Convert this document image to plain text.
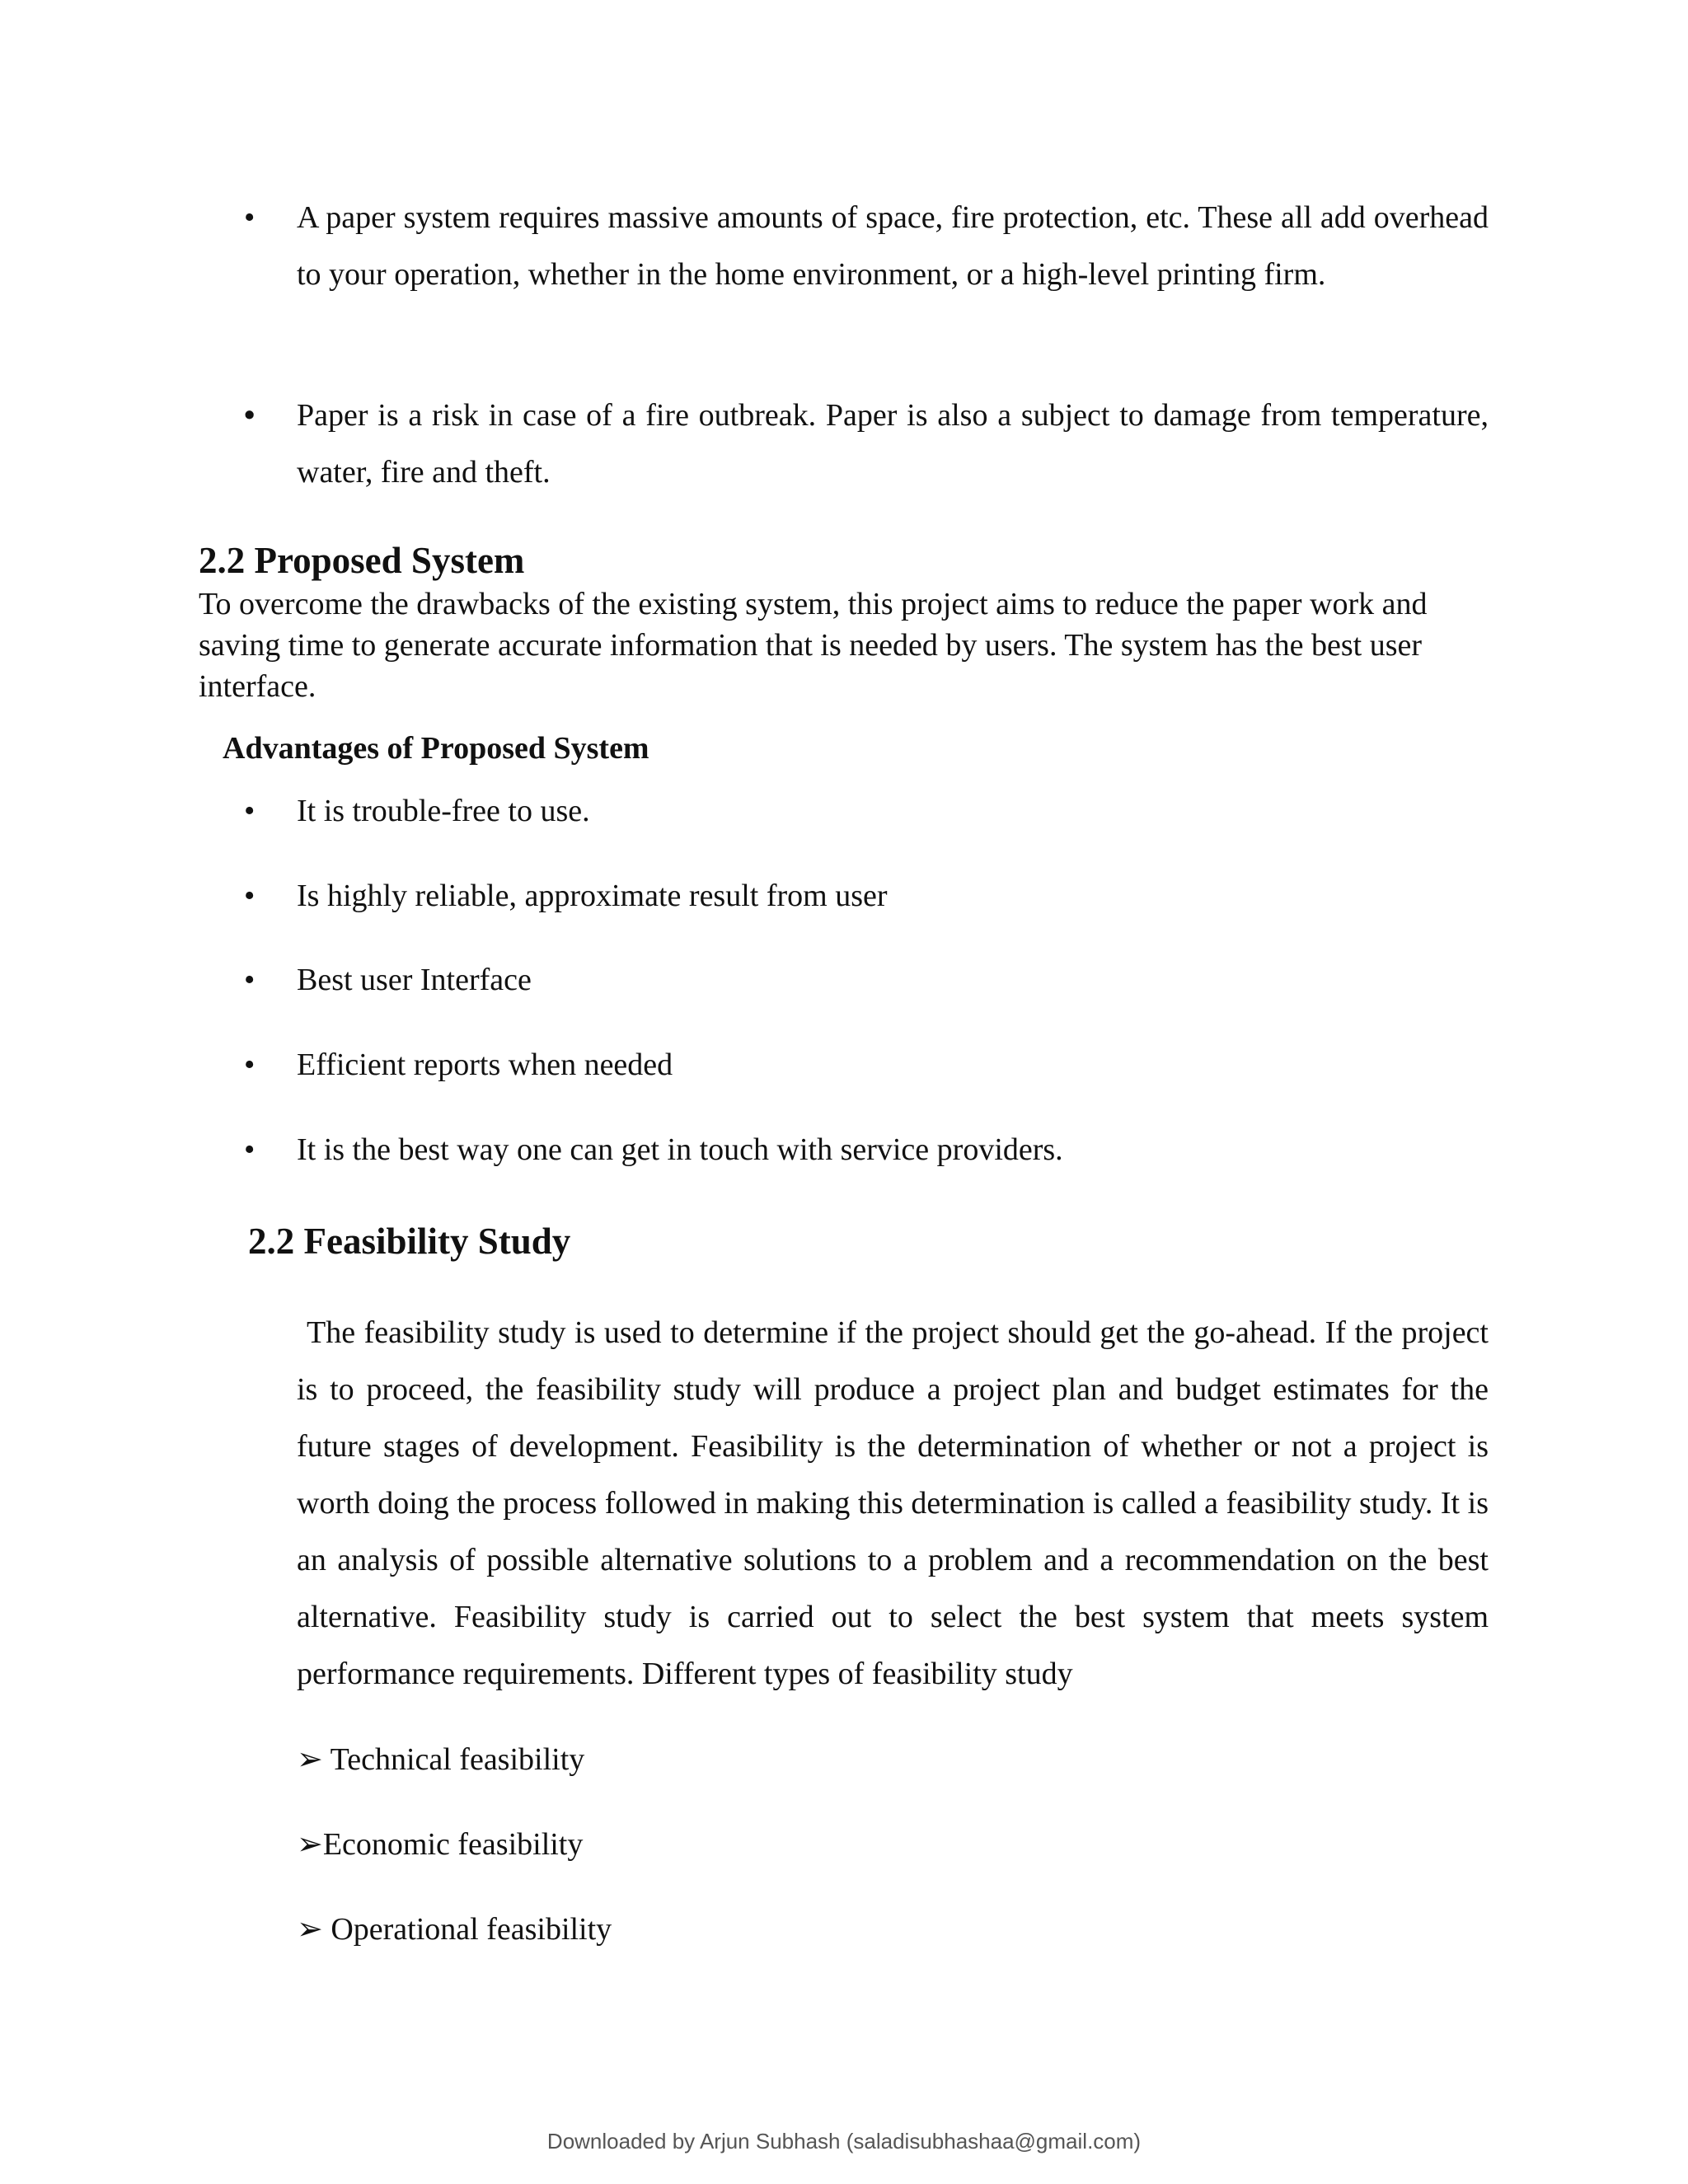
• A paper system requires massive amounts of space, fire protection, etc. These all add overhead to your operation, whether in the home environment, or a high-level printing firm.
• Paper is a risk in case of a fire outbreak. Paper is also a subject to damage from temperature, water, fire and theft.
2.2 Proposed System
To overcome the drawbacks of the existing system, this project aims to reduce the paper work and saving time to generate accurate information that is needed by users. The system has the best user interface.
Advantages of Proposed System
• It is trouble-free to use.
• Is highly reliable, approximate result from user
• Best user Interface
• Efficient reports when needed
• It is the best way one can get in touch with service providers.
2.2 Feasibility Study
The feasibility study is used to determine if the project should get the go-ahead. If the project is to proceed, the feasibility study will produce a project plan and budget estimates for the future stages of development. Feasibility is the determination of whether or not a project is worth doing the process followed in making this determination is called a feasibility study. It is an analysis of possible alternative solutions to a problem and a recommendation on the best alternative. Feasibility study is carried out to select the best system that meets system performance requirements. Different types of feasibility study
➢ Technical feasibility
➢Economic feasibility
➢ Operational feasibility
Downloaded by Arjun Subhash (saladisubhashaa@gmail.com)
